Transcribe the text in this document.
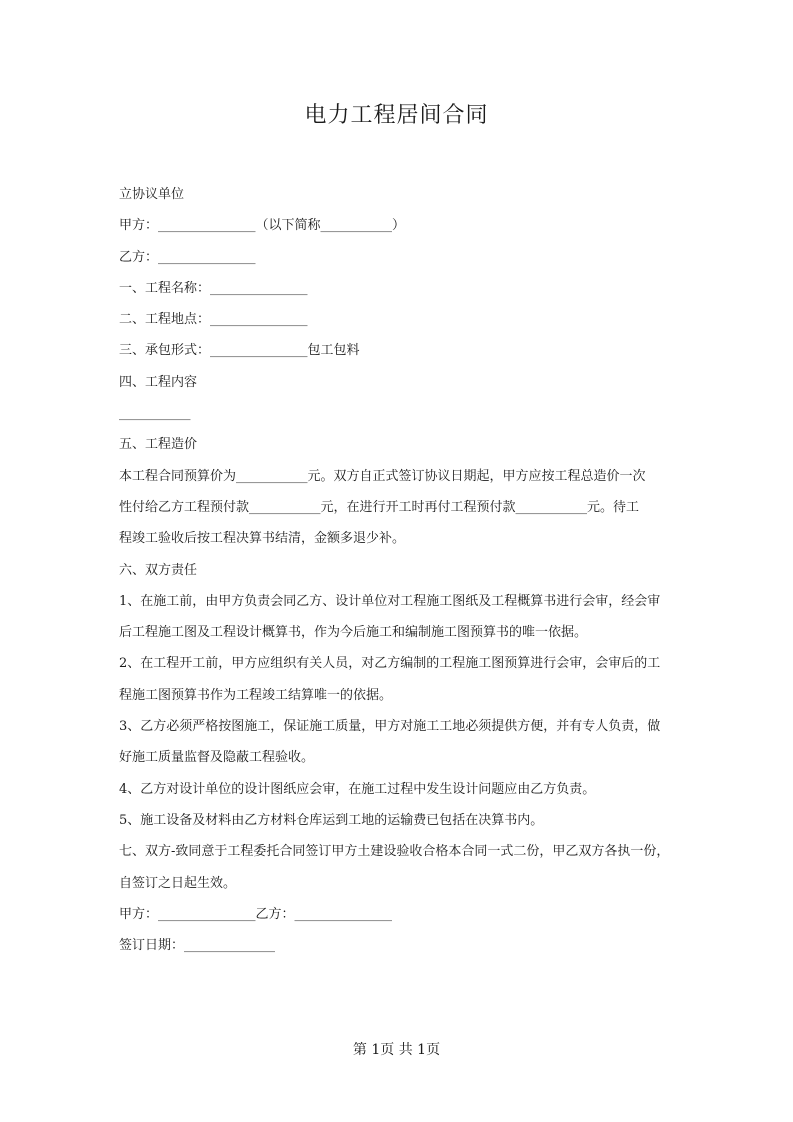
电力工程居间合同
立协议单位
甲方：_______________（以下简称___________）
乙方：_______________
一、工程名称：_______________
二、工程地点：_______________
三、承包形式：_______________包工包料
四、工程内容
___________
五、工程造价
本工程合同预算价为___________元。双方自正式签订协议日期起，甲方应按工程总造价一次
性付给乙方工程预付款___________元，在进行开工时再付工程预付款___________元。待工
程竣工验收后按工程决算书结清，金额多退少补。
六、双方责任
1、在施工前，由甲方负责会同乙方、设计单位对工程施工图纸及工程概算书进行会审，经会审
后工程施工图及工程设计概算书，作为今后施工和编制施工图预算书的唯一依据。
2、在工程开工前，甲方应组织有关人员，对乙方编制的工程施工图预算进行会审，会审后的工
程施工图预算书作为工程竣工结算唯一的依据。
3、乙方必须严格按图施工，保证施工质量，甲方对施工工地必须提供方便，并有专人负责，做
好施工质量监督及隐蔽工程验收。
4、乙方对设计单位的设计图纸应会审，在施工过程中发生设计问题应由乙方负责。
5、施工设备及材料由乙方材料仓库运到工地的运输费已包括在决算书内。
七、双方-致同意于工程委托合同签订甲方土建设验收合格本合同一式二份，甲乙双方各执一份，
自签订之日起生效。
甲方：_______________乙方：_______________
签订日期：______________
第 1页 共 1页
